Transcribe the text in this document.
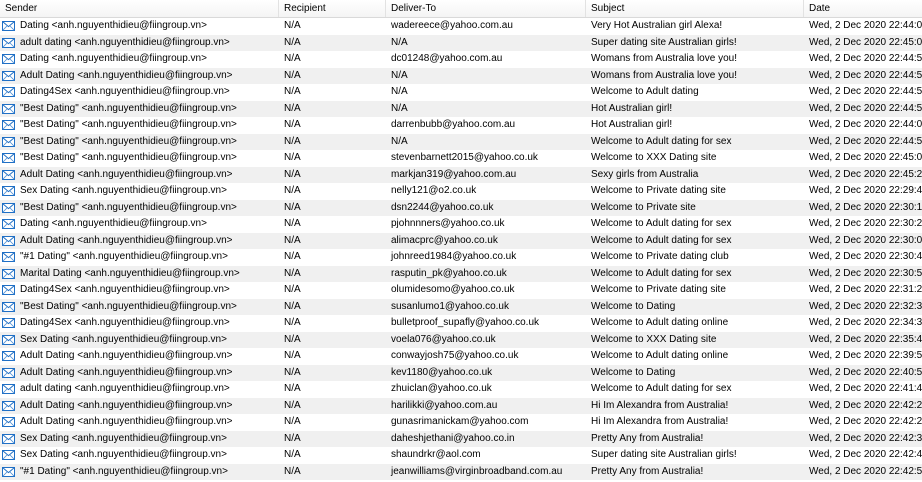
Sender	Recipient	Deliver-To	Subject	Date
Dating <anh.nguyenthidieu@fiingroup.vn>	N/A	wadereece@yahoo.com.au	Very Hot Australian girl Alexa!	Wed, 2 Dec 2020 22:44:0
adult dating <anh.nguyenthidieu@fiingroup.vn>	N/A	N/A	Super dating site Australian girls!	Wed, 2 Dec 2020 22:45:0
Dating <anh.nguyenthidieu@fiingroup.vn>	N/A	dc01248@yahoo.com.au	Womans from Australia love you!	Wed, 2 Dec 2020 22:44:5
Adult Dating <anh.nguyenthidieu@fiingroup.vn>	N/A	N/A	Womans from Australia love you!	Wed, 2 Dec 2020 22:44:5
Dating4Sex <anh.nguyenthidieu@fiingroup.vn>	N/A	N/A	Welcome to Adult dating	Wed, 2 Dec 2020 22:44:5
"Best Dating" <anh.nguyenthidieu@fiingroup.vn>	N/A	N/A	Hot Australian girl!	Wed, 2 Dec 2020 22:44:5
"Best Dating" <anh.nguyenthidieu@fiingroup.vn>	N/A	darrenbubb@yahoo.com.au	Hot Australian girl!	Wed, 2 Dec 2020 22:44:0
"Best Dating" <anh.nguyenthidieu@fiingroup.vn>	N/A	N/A	Welcome to Adult dating for sex	Wed, 2 Dec 2020 22:44:5
"Best Dating" <anh.nguyenthidieu@fiingroup.vn>	N/A	stevenbarnett2015@yahoo.co.uk	Welcome to XXX Dating site	Wed, 2 Dec 2020 22:45:0
Adult Dating <anh.nguyenthidieu@fiingroup.vn>	N/A	markjan319@yahoo.com.au	Sexy girls from Australia	Wed, 2 Dec 2020 22:45:2
Sex Dating <anh.nguyenthidieu@fiingroup.vn>	N/A	nelly121@o2.co.uk	Welcome to Private dating site	Wed, 2 Dec 2020 22:29:4
"Best Dating" <anh.nguyenthidieu@fiingroup.vn>	N/A	dsn2244@yahoo.co.uk	Welcome to Private site	Wed, 2 Dec 2020 22:30:1
Dating <anh.nguyenthidieu@fiingroup.vn>	N/A	pjohnnners@yahoo.co.uk	Welcome to Adult dating for sex	Wed, 2 Dec 2020 22:30:2
Adult Dating <anh.nguyenthidieu@fiingroup.vn>	N/A	alimacprc@yahoo.co.uk	Welcome to Adult dating for sex	Wed, 2 Dec 2020 22:30:0
"#1 Dating" <anh.nguyenthidieu@fiingroup.vn>	N/A	johnreed1984@yahoo.co.uk	Welcome to Private dating club	Wed, 2 Dec 2020 22:30:4
Marital Dating <anh.nguyenthidieu@fiingroup.vn>	N/A	rasputin_pk@yahoo.co.uk	Welcome to Adult dating for sex	Wed, 2 Dec 2020 22:30:5
Dating4Sex <anh.nguyenthidieu@fiingroup.vn>	N/A	olumidesomo@yahoo.co.uk	Welcome to Private dating site	Wed, 2 Dec 2020 22:31:2
"Best Dating" <anh.nguyenthidieu@fiingroup.vn>	N/A	susanlumo1@yahoo.co.uk	Welcome to Dating	Wed, 2 Dec 2020 22:32:3
Dating4Sex <anh.nguyenthidieu@fiingroup.vn>	N/A	bulletproof_supafly@yahoo.co.uk	Welcome to Adult dating online	Wed, 2 Dec 2020 22:34:3
Sex Dating <anh.nguyenthidieu@fiingroup.vn>	N/A	voela076@yahoo.co.uk	Welcome to XXX Dating site	Wed, 2 Dec 2020 22:35:4
Adult Dating <anh.nguyenthidieu@fiingroup.vn>	N/A	conwayjosh75@yahoo.co.uk	Welcome to Adult dating online	Wed, 2 Dec 2020 22:39:5
Adult Dating <anh.nguyenthidieu@fiingroup.vn>	N/A	kev1180@yahoo.co.uk	Welcome to Dating	Wed, 2 Dec 2020 22:40:5
adult dating <anh.nguyenthidieu@fiingroup.vn>	N/A	zhuiclan@yahoo.co.uk	Welcome to Adult dating for sex	Wed, 2 Dec 2020 22:41:4
Adult Dating <anh.nguyenthidieu@fiingroup.vn>	N/A	harilikki@yahoo.com.au	Hi Im Alexandra from Australia!	Wed, 2 Dec 2020 22:42:2
Adult Dating <anh.nguyenthidieu@fiingroup.vn>	N/A	gunasrimanickam@yahoo.com	Hi Im Alexandra from Australia!	Wed, 2 Dec 2020 22:42:2
Sex Dating <anh.nguyenthidieu@fiingroup.vn>	N/A	daheshjethani@yahoo.co.in	Pretty Any from Australia!	Wed, 2 Dec 2020 22:42:3
Sex Dating <anh.nguyenthidieu@fiingroup.vn>	N/A	shaundrkr@aol.com	Super dating site Australian girls!	Wed, 2 Dec 2020 22:42:4
"#1 Dating" <anh.nguyenthidieu@fiingroup.vn>	N/A	jeanwilliams@virginbroadband.com.au	Pretty Any from Australia!	Wed, 2 Dec 2020 22:42:5
